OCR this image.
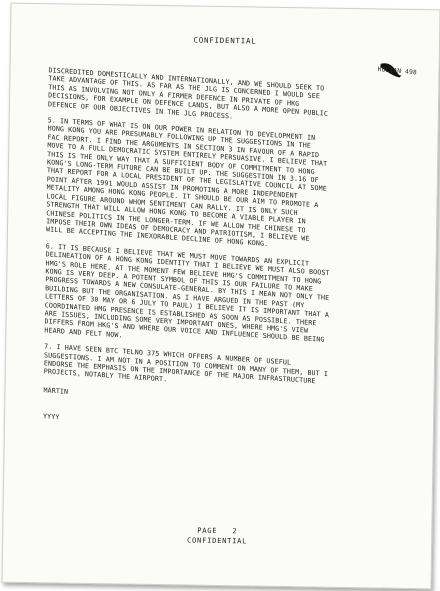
CONFIDENTIAL
HOLIAN 498
DISCREDITED DOMESTICALLY AND INTERNATIONALLY, AND WE SHOULD SEEK TO
TAKE ADVANTAGE OF THIS. AS FAR AS THE JLG IS CONCERNED I WOULD SEE
THIS AS INVOLVING NOT ONLY A FIRMER DEFENCE IN PRIVATE OF HKG
DECISIONS, FOR EXAMPLE ON DEFENCE LANDS, BUT ALSO A MORE OPEN PUBLIC
DEFENCE OF OUR OBJECTIVES IN THE JLG PROCESS.
5. IN TERMS OF WHAT IS ON OUR POWER IN RELATION TO DEVELOPMENT IN
HONG KONG YOU ARE PRESUMABLY FOLLOWING UP THE SUGGESTIONS IN THE
FAC REPORT. I FIND THE ARGUMENTS IN SECTION 3 IN FAVOUR OF A RAPID
MOVE TO A FULL DEMOCRATIC SYSTEM ENTIRELY PERSUASIVE. I BELIEVE THAT
THIS IS THE ONLY WAY THAT A SUFFICIENT BODY OF COMMITMENT TO HONG
KONG'S LONG-TERM FUTURE CAN BE BUILT UP. THE SUGGESTION IN 3.16 OF
THAT REPORT FOR A LOCAL PRESIDENT OF THE LEGISLATIVE COUNCIL AT SOME
POINT AFTER 1991 WOULD ASSIST IN PROMOTING A MORE INDEPENDENT
METALITY AMONG HONG KONG PEOPLE. IT SHOULD BE OUR AIM TO PROMOTE A
LOCAL FIGURE AROUND WHOM SENTIMENT CAN RALLY. IT IS ONLY SUCH
STRENGTH THAT WILL ALLOW HONG KONG TO BECOME A VIABLE PLAYER IN
CHINESE POLITICS IN THE LONGER-TERM. IF WE ALLOW THE CHINESE TO
IMPOSE THEIR OWN IDEAS OF DEMOCRACY AND PATRIOTISM, I BELIEVE WE
WILL BE ACCEPTING THE INEXORABLE DECLINE OF HONG KONG.
6. IT IS BECAUSE I BELIEVE THAT WE MUST MOVE TOWARDS AN EXPLICIT
DELINEATION OF A HONG KONG IDENTITY THAT I BELIEVE WE MUST ALSO BOOST
HMG'S ROLE HERE. AT THE MOMENT FEW BELIEVE HMG'S COMMITMENT TO HONG
KONG IS VERY DEEP. A POTENT SYMBOL OF THIS IS OUR FAILURE TO MAKE
PROGRESS TOWARDS A NEW CONSULATE-GENERAL. BY THIS I MEAN NOT ONLY THE
BUILDING BUT THE ORGANISATION. AS I HAVE ARGUED IN THE PAST (MY
LETTERS OF 30 MAY OR 6 JULY TO PAUL) I BELIEVE IT IS IMPORTANT THAT A
COORDINATED HMG PRESENCE IS ESTABLISHED AS SOON AS POSSIBLE. THERE
ARE ISSUES, INCLUDING SOME VERY IMPORTANT ONES, WHERE HMG'S VIEW
DIFFERS FROM HKG'S AND WHERE OUR VOICE AND INFLUENCE SHOULD BE BEING
HEARD AND FELT NOW.
7. I HAVE SEEN BTC TELNO 375 WHICH OFFERS A NUMBER OF USEFUL
SUGGESTIONS. I AM NOT IN A POSITION TO COMMENT ON MANY OF THEM, BUT I
ENDORSE THE EMPHASIS ON THE IMPORTANCE OF THE MAJOR INFRASTRUCTURE
PROJECTS, NOTABLY THE AIRPORT.
MARTIN
YYYY
PAGE   2
CONFIDENTIAL
